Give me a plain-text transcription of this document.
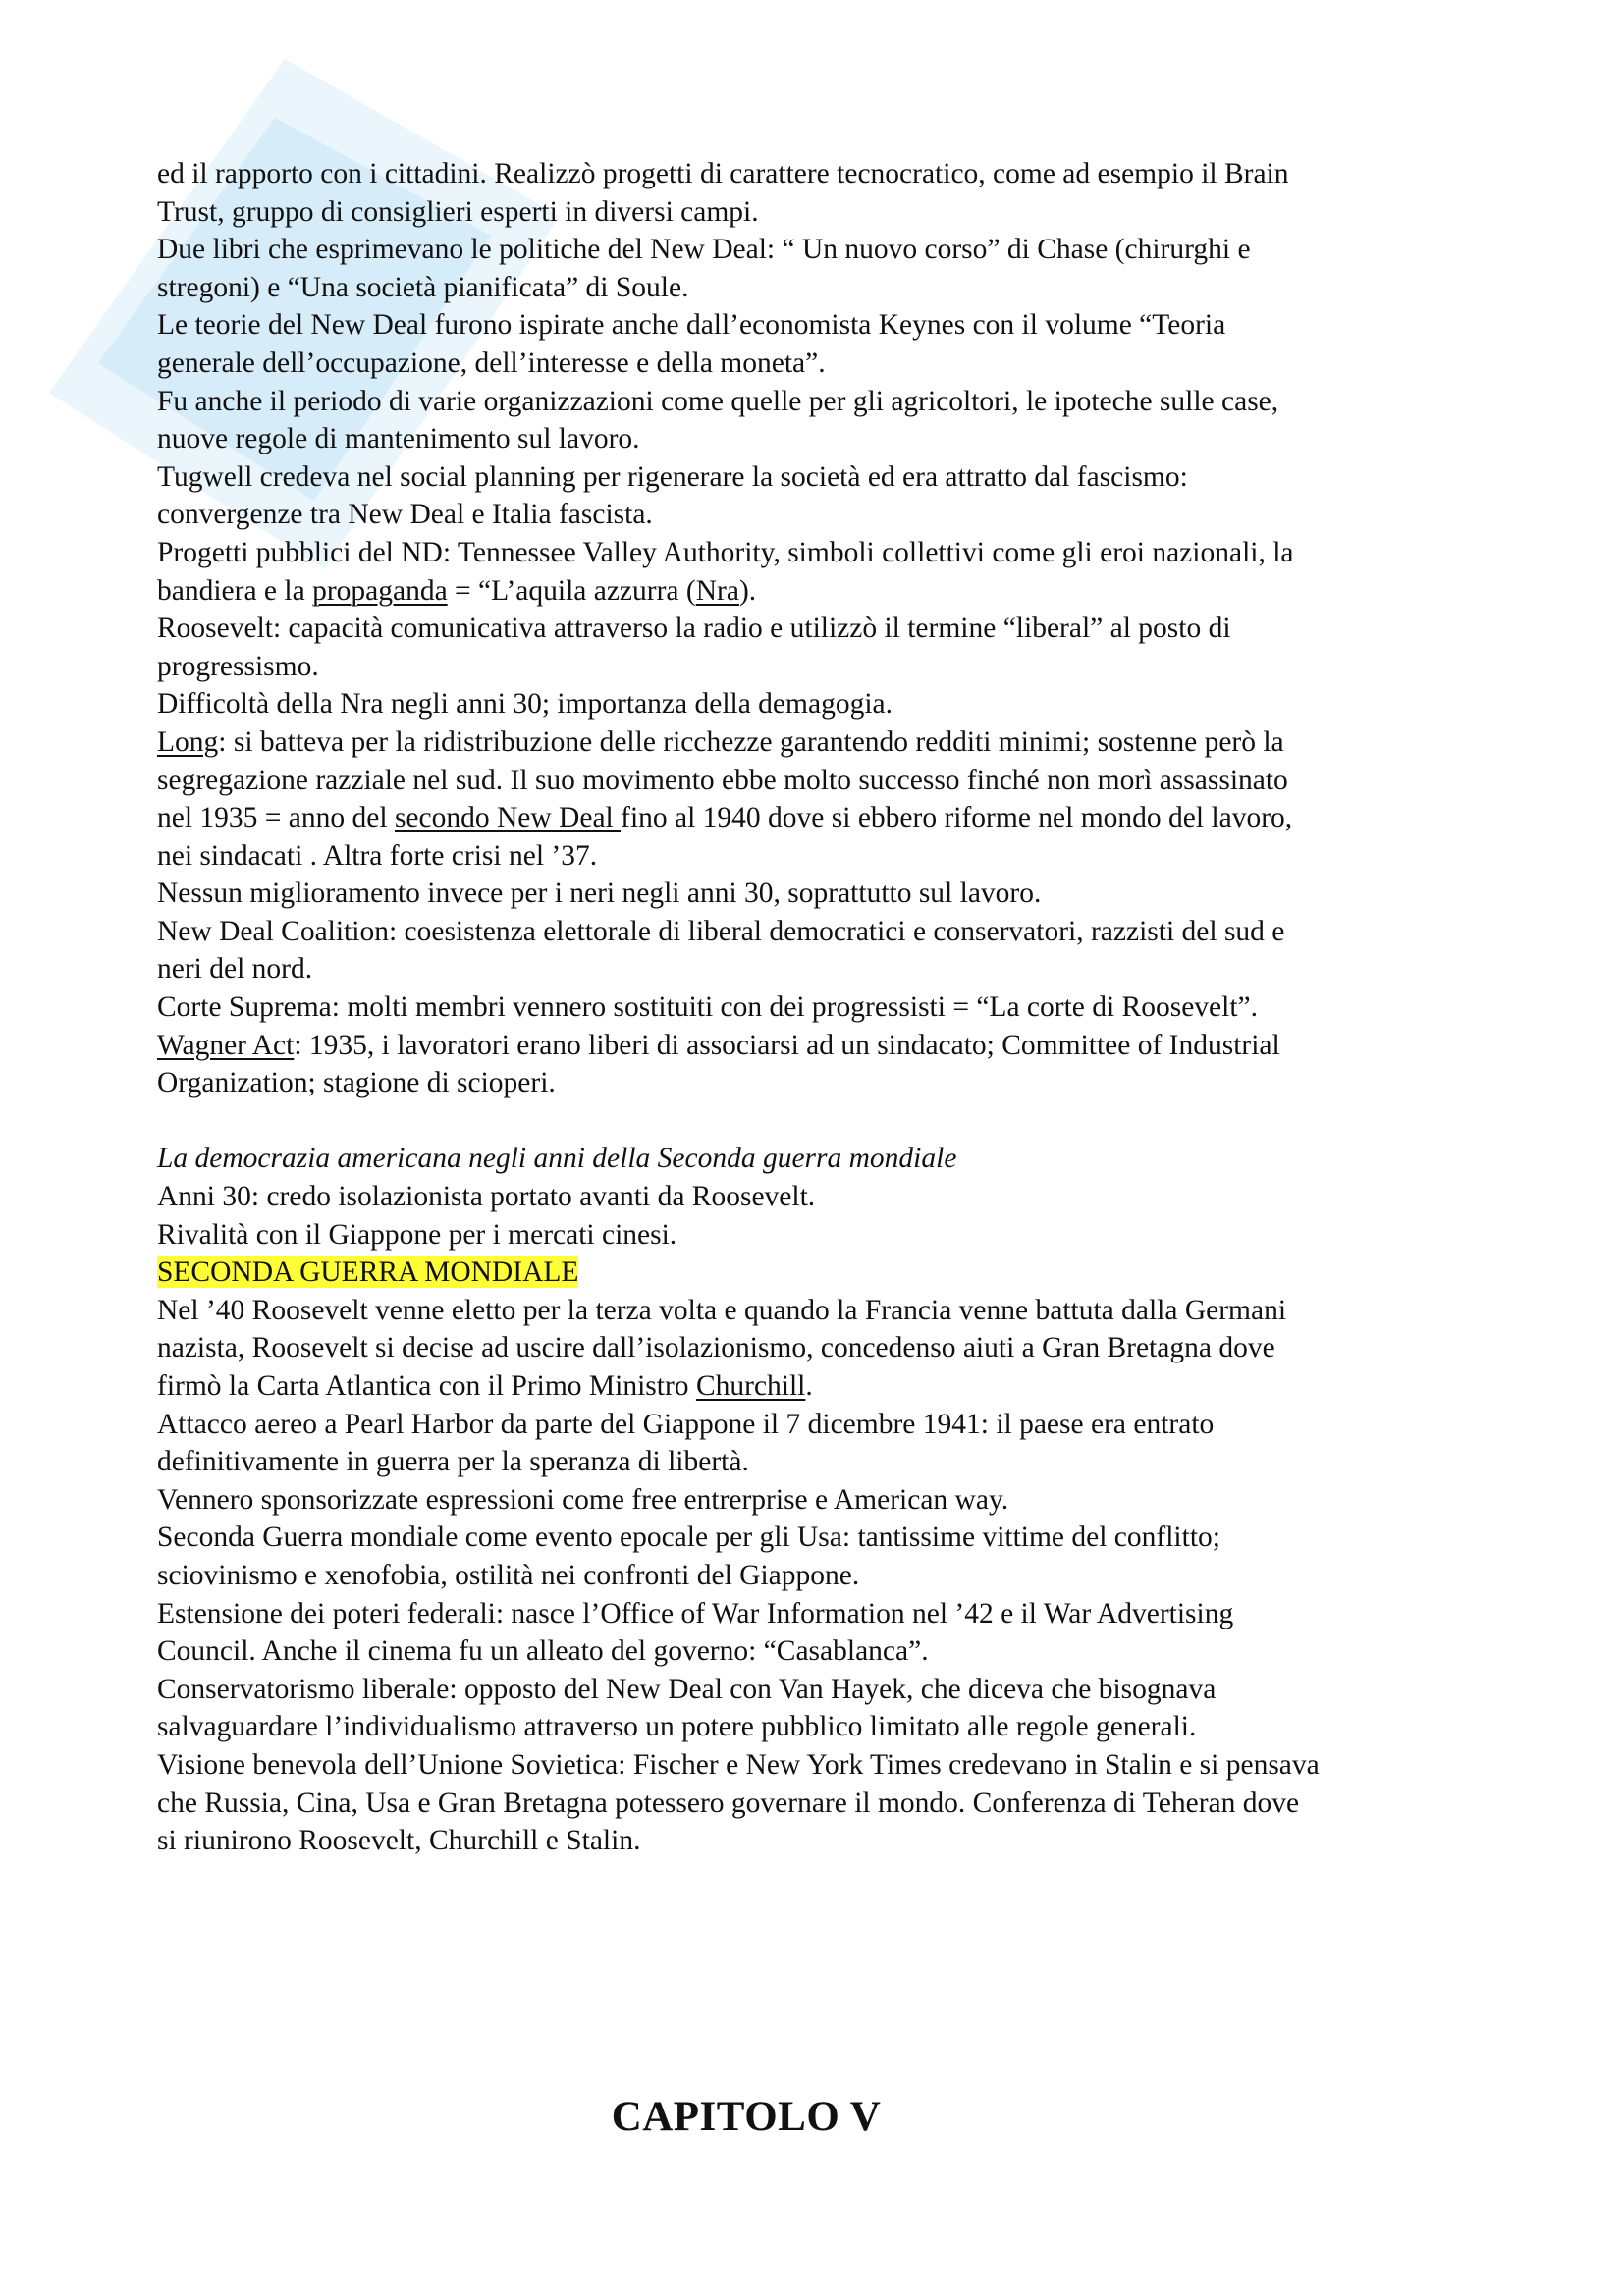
ed il rapporto con i cittadini. Realizzò progetti di carattere tecnocratico, come ad esempio il Brain
Trust, gruppo di consiglieri esperti in diversi campi.
Due libri che esprimevano le politiche del New Deal: “ Un nuovo corso” di Chase (chirurghi e
stregoni) e “Una società pianificata” di Soule.
Le teorie del New Deal furono ispirate anche dall’economista Keynes con il volume “Teoria
generale dell’occupazione, dell’interesse e della moneta”.
Fu anche il periodo di varie organizzazioni come quelle per gli agricoltori, le ipoteche sulle case,
nuove regole di mantenimento sul lavoro.
Tugwell credeva nel social planning per rigenerare la società ed era attratto dal fascismo:
convergenze tra New Deal e Italia fascista.
Progetti pubblici del ND: Tennessee Valley Authority, simboli collettivi come gli eroi nazionali, la
bandiera e la propaganda = “L’aquila azzurra (Nra).
Roosevelt: capacità comunicativa attraverso la radio e utilizzò il termine “liberal” al posto di
progressismo.
Difficoltà della Nra negli anni 30; importanza della demagogia.
Long: si batteva per la ridistribuzione delle ricchezze garantendo redditi minimi; sostenne però la
segregazione razziale nel sud. Il suo movimento ebbe molto successo finché non morì assassinato
nel 1935 = anno del secondo New Deal fino al 1940 dove si ebbero riforme nel mondo del lavoro,
nei sindacati . Altra forte crisi nel ’37.
Nessun miglioramento invece per i neri negli anni 30, soprattutto sul lavoro.
New Deal Coalition: coesistenza elettorale di liberal democratici e conservatori, razzisti del sud e
neri del nord.
Corte Suprema: molti membri vennero sostituiti con dei progressisti = “La corte di Roosevelt”.
Wagner Act: 1935, i lavoratori erano liberi di associarsi ad un sindacato; Committee of Industrial
Organization; stagione di scioperi.
La democrazia americana negli anni della Seconda guerra mondiale
Anni 30: credo isolazionista portato avanti da Roosevelt.
Rivalità con il Giappone per i mercati cinesi.
SECONDA GUERRA MONDIALE
Nel ’40 Roosevelt venne eletto per la terza volta e quando la Francia venne battuta dalla Germani
nazista, Roosevelt si decise ad uscire dall’isolazionismo, concedenso aiuti a Gran Bretagna dove
firmò la Carta Atlantica con il Primo Ministro Churchill.
Attacco aereo a Pearl Harbor da parte del Giappone il 7 dicembre 1941: il paese era entrato
definitivamente in guerra per la speranza di libertà.
Vennero sponsorizzate espressioni come free entrerprise e American way.
Seconda Guerra mondiale come evento epocale per gli Usa: tantissime vittime del conflitto;
sciovinismo e xenofobia, ostilità nei confronti del Giappone.
Estensione dei poteri federali: nasce l’Office of War Information nel ’42 e il War Advertising
Council. Anche il cinema fu un alleato del governo: “Casablanca”.
Conservatorismo liberale: opposto del New Deal con Van Hayek, che diceva che bisognava
salvaguardare l’individualismo attraverso un potere pubblico limitato alle regole generali.
Visione benevola dell’Unione Sovietica: Fischer e New York Times credevano in Stalin e si pensava
che Russia, Cina, Usa e Gran Bretagna potessero governare il mondo. Conferenza di Teheran dove
si riunirono Roosevelt, Churchill e Stalin.
CAPITOLO V
